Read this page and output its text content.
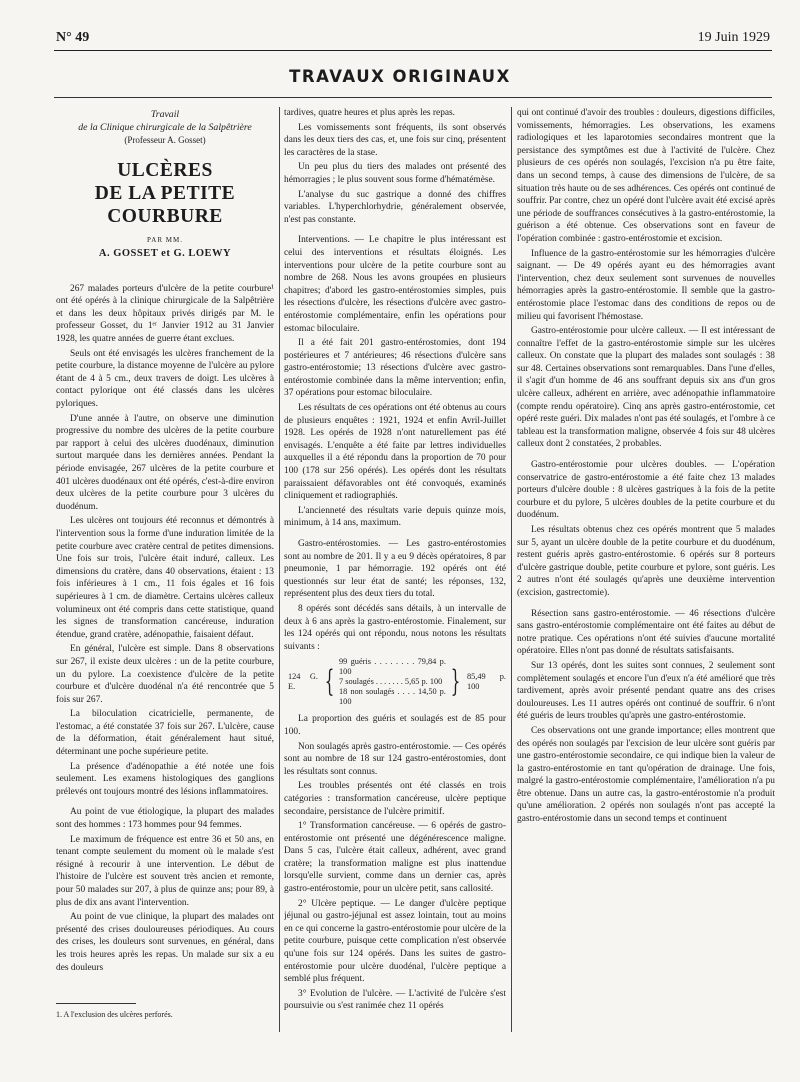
N° 49	19 Juin 1929
TRAVAUX ORIGINAUX
Travail
de la Clinique chirurgicale de la Salpêtrière
(Professeur A. Gosset)
ULCÈRES
DE LA PETITE COURBURE
PAR MM.
A. GOSSET et G. LOEWY

267 malades porteurs d'ulcère de la petite courbure¹ ont été opérés à la clinique chirurgicale de la Salpêtrière et dans les deux hôpitaux privés dirigés par M. le professeur Gosset, du 1ᵉʳ Janvier 1912 au 31 Janvier 1928, les quatre années de guerre étant exclues.

Seuls ont été envisagés les ulcères franchement de la petite courbure, la distance moyenne de l'ulcère au pylore étant de 4 à 5 cm., deux travers de doigt. Les ulcères à contact pylorique ont été classés dans les ulcères pyloriques.

D'une année à l'autre, on observe une diminution progressive du nombre des ulcères de la petite courbure par rapport à celui des ulcères duodénaux, diminution surtout marquée dans les dernières années. Pendant la période envisagée, 267 ulcères de la petite courbure et 401 ulcères duodénaux ont été opérés, c'est-à-dire environ deux ulcères de la petite courbure pour 3 ulcères du duodénum.

Les ulcères ont toujours été reconnus et démontrés à l'intervention sous la forme d'une induration limitée de la petite courbure avec cratère central de petites dimensions. Une fois sur trois, l'ulcère était induré, calleux. Les dimensions du cratère, dans 40 observations, étaient : 13 fois inférieures à 1 cm., 11 fois égales et 16 fois supérieures à 1 cm. de diamètre. Certains ulcères calleux volumineux ont été compris dans cette statistique, quand les signes de transformation cancéreuse, induration étendue, grand cratère, adénopathie, faisaient défaut.

En général, l'ulcère est simple. Dans 8 observations sur 267, il existe deux ulcères : un de la petite courbure, un du pylore. La coexistence d'ulcère de la petite courbure et d'ulcère duodénal n'a été rencontrée que 5 fois sur 267.

La biloculation cicatricielle, permanente, de l'estomac, a été constatée 37 fois sur 267. L'ulcère, cause de la déformation, était généralement haut situé, déterminant une poche supérieure petite.

La présence d'adénopathie a été notée une fois seulement. Les examens histologiques des ganglions prélevés ont toujours montré des lésions inflammatoires.

Au point de vue étiologique, la plupart des malades sont des hommes : 173 hommes pour 94 femmes.

Le maximum de fréquence est entre 36 et 50 ans, en tenant compte seulement du moment où le malade s'est résigné à recourir à une intervention. Le début de l'histoire de l'ulcère est souvent très ancien et remonte, pour 50 malades sur 207, à plus de quinze ans; pour 89, à plus de dix ans avant l'intervention.

Au point de vue clinique, la plupart des malades ont présenté des crises douloureuses périodiques. Au cours des crises, les douleurs sont survenues, en général, dans les trois heures après les repas. Un malade sur six a eu des douleurs

tardives, quatre heures et plus après les repas.

Les vomissements sont fréquents, ils sont observés dans les deux tiers des cas, et, une fois sur cinq, présentent les caractères de la stase.

Un peu plus du tiers des malades ont présenté des hémorragies ; le plus souvent sous forme d'hématémèse.

L'analyse du suc gastrique a donné des chiffres variables. L'hyperchlorhydrie, généralement observée, n'est pas constante.

Interventions. — Le chapitre le plus intéressant est celui des interventions et résultats éloignés. Les interventions pour ulcère de la petite courbure sont au nombre de 268. Nous les avons groupées en plusieurs chapitres; d'abord les gastro-entérostomies simples, puis les résections d'ulcère, les résections d'ulcère avec gastro-entérostomie complémentaire, enfin les opérations pour estomac biloculaire.

Il a été fait 201 gastro-entérostomies, dont 194 postérieures et 7 antérieures; 46 résections d'ulcère sans gastro-entérostomie; 13 résections d'ulcère avec gastro-entérostomie combinée dans la même intervention; enfin, 37 opérations pour estomac biloculaire.

Les résultats de ces opérations ont été obtenus au cours de plusieurs enquêtes : 1921, 1924 et enfin Avril-Juillet 1928. Les opérés de 1928 n'ont naturellement pas été envisagés. L'enquête a été faite par lettres individuelles auxquelles il a été répondu dans la proportion de 70 pour 100 (178 sur 256 opérés). Les opérés dont les résultats paraissaient défavorables ont été convoqués, examinés cliniquement et radiographiés.

L'ancienneté des résultats varie depuis quinze mois, minimum, à 14 ans, maximum.

Gastro-entérostomies. — Les gastro-entérostomies sont au nombre de 201. Il y a eu 9 décès opératoires, 8 par pneumonie, 1 par hémorragie. 192 opérés ont été questionnés sur leur état de santé; les réponses, 132, représentent plus des deux tiers du total.

8 opérés sont décédés sans détails, à un intervalle de deux à 6 ans après la gastro-entérostomie. Finalement, sur les 124 opérés qui ont répondu, nous notons les résultats suivants :

124 G. E. {
99 guéris . . . . . . . . 79,84 p. 100
7 soulagés . . . . . . . 5,65 p. 100
18 non soulagés . . . . 14,50 p. 100
} 85,49 p. 100

La proportion des guéris et soulagés est de 85 pour 100.

Non soulagés après gastro-entérostomie. — Ces opérés sont au nombre de 18 sur 124 gastro-entérostomies, dont les résultats sont connus.

Les troubles présentés ont été classés en trois catégories : transformation cancéreuse, ulcère peptique secondaire, persistance de l'ulcère primitif.

1° Transformation cancéreuse. — 6 opérés de gastro-entérostomie ont présenté une dégénérescence maligne. Dans 5 cas, l'ulcère était calleux, adhérent, avec grand cratère; la transformation maligne est plus inattendue lorsqu'elle survient, comme dans un dernier cas, après gastro-entérostomie, pour un ulcère petit, sans callosité.

2° Ulcère peptique. — Le danger d'ulcère peptique jéjunal ou gastro-jéjunal est assez lointain, tout au moins en ce qui concerne la gastro-entérostomie pour ulcère de la petite courbure, puisque cette complication n'est observée qu'une fois sur 124 opérés. Dans les suites de gastro-entérostomie pour ulcère duodénal, l'ulcère peptique a semblé plus fréquent.

3° Evolution de l'ulcère. — L'activité de l'ulcère s'est poursuivie ou s'est ranimée chez 11 opérés

qui ont continué d'avoir des troubles : douleurs, digestions difficiles, vomissements, hémorragies. Les observations, les examens radiologiques et les laparotomies secondaires montrent que la persistance des symptômes est due à l'activité de l'ulcère. Chez plusieurs de ces opérés non soulagés, l'excision n'a pu être faite, dans un second temps, à cause des dimensions de l'ulcère, de sa situation très haute ou de ses adhérences. Ces opérés ont continué de souffrir. Par contre, chez un opéré dont l'ulcère avait été excisé après une période de souffrances consécutives à la gastro-entérostomie, la guérison a été obtenue. Ces observations sont en faveur de l'opération combinée : gastro-entérostomie et excision.

Influence de la gastro-entérostomie sur les hémorragies d'ulcère saignant. — De 49 opérés ayant eu des hémorragies avant l'intervention, chez deux seulement sont survenues de nouvelles hémorragies après la gastro-entérostomie. Il semble que la gastro-entérostomie place l'estomac dans des conditions de repos ou de milieu qui favorisent l'hémostase.

Gastro-entérostomie pour ulcère calleux. — Il est intéressant de connaître l'effet de la gastro-entérostomie simple sur les ulcères calleux. On constate que la plupart des malades sont soulagés : 38 sur 48. Certaines observations sont remarquables. Dans l'une d'elles, il s'agit d'un homme de 46 ans souffrant depuis six ans d'un gros ulcère calleux, adhérent en arrière, avec adénopathie inflammatoire (compte rendu opératoire). Cinq ans après gastro-entérostomie, cet opéré reste guéri. Dix malades n'ont pas été soulagés, et l'ombre à ce tableau est la transformation maligne, observée 4 fois sur 48 ulcères calleux dont 2 constatées, 2 probables.

Gastro-entérostomie pour ulcères doubles. — L'opération conservatrice de gastro-entérostomie a été faite chez 13 malades porteurs d'ulcère double : 8 ulcères gastriques à la fois de la petite courbure et du pylore, 5 ulcères doubles de la petite courbure et du duodénum.

Les résultats obtenus chez ces opérés montrent que 5 malades sur 5, ayant un ulcère double de la petite courbure et du duodénum, restent guéris après gastro-entérostomie. 6 opérés sur 8 porteurs d'ulcère gastrique double, petite courbure et pylore, sont guéris. Les 2 autres n'ont été soulagés qu'après une deuxième intervention (excision, gastrectomie).

Résection sans gastro-entérostomie. — 46 résections d'ulcère sans gastro-entérostomie complémentaire ont été faites au début de notre pratique. Ces opérations n'ont été suivies d'aucune mortalité opératoire. Elles n'ont pas donné de résultats satisfaisants.

Sur 13 opérés, dont les suites sont connues, 2 seulement sont complètement soulagés et encore l'un d'eux n'a été amélioré que très tardivement, après avoir présenté pendant quatre ans des crises douloureuses. Les 11 autres opérés ont continué de souffrir. 6 n'ont été guéris de leurs troubles qu'après une gastro-entérostomie.

Ces observations ont une grande importance; elles montrent que des opérés non soulagés par l'excision de leur ulcère sont guéris par une gastro-entérostomie secondaire, ce qui indique bien la valeur de la gastro-entérostomie en tant qu'opération de drainage. Une fois, malgré la gastro-entérostomie complémentaire, l'amélioration n'a pu être obtenue. Dans un autre cas, la gastro-entérostomie n'a produit qu'une amélioration. 2 opérés non soulagés n'ont pas accepté la gastro-entérostomie dans un second temps et continuent

1. A l'exclusion des ulcères perforés.
